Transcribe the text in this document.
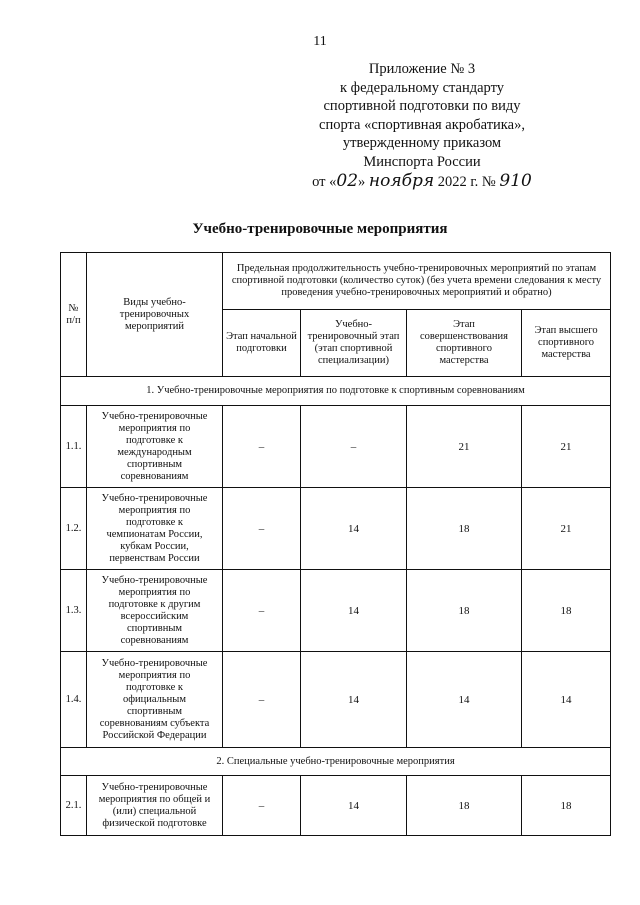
11
Приложение № 3
к федеральному стандарту
спортивной подготовки по виду
спорта «спортивная акробатика»,
утвержденному приказом
Минспорта России
от «02» ноября 2022 г. № 910
Учебно-тренировочные мероприятия
№ п/п	Виды учебно-тренировочных мероприятий	Предельная продолжительность учебно-тренировочных мероприятий по этапам спортивной подготовки (количество суток) (без учета времени следования к месту проведения учебно-тренировочных мероприятий и обратно)			
		Этап начальной подготовки	Учебно-тренировочный этап (этап спортивной специализации)	Этап совершенствования спортивного мастерства	Этап высшего спортивного мастерства
1. Учебно-тренировочные мероприятия по подготовке к спортивным соревнованиям					
1.1.	Учебно-тренировочные мероприятия по подготовке к международным спортивным соревнованиям	–	–	21	21
1.2.	Учебно-тренировочные мероприятия по подготовке к чемпионатам России, кубкам России, первенствам России	–	14	18	21
1.3.	Учебно-тренировочные мероприятия по подготовке к другим всероссийским спортивным соревнованиям	–	14	18	18
1.4.	Учебно-тренировочные мероприятия по подготовке к официальным спортивным соревнованиям субъекта Российской Федерации	–	14	14	14
2. Специальные учебно-тренировочные мероприятия					
2.1.	Учебно-тренировочные мероприятия по общей и (или) специальной физической подготовке	–	14	18	18
